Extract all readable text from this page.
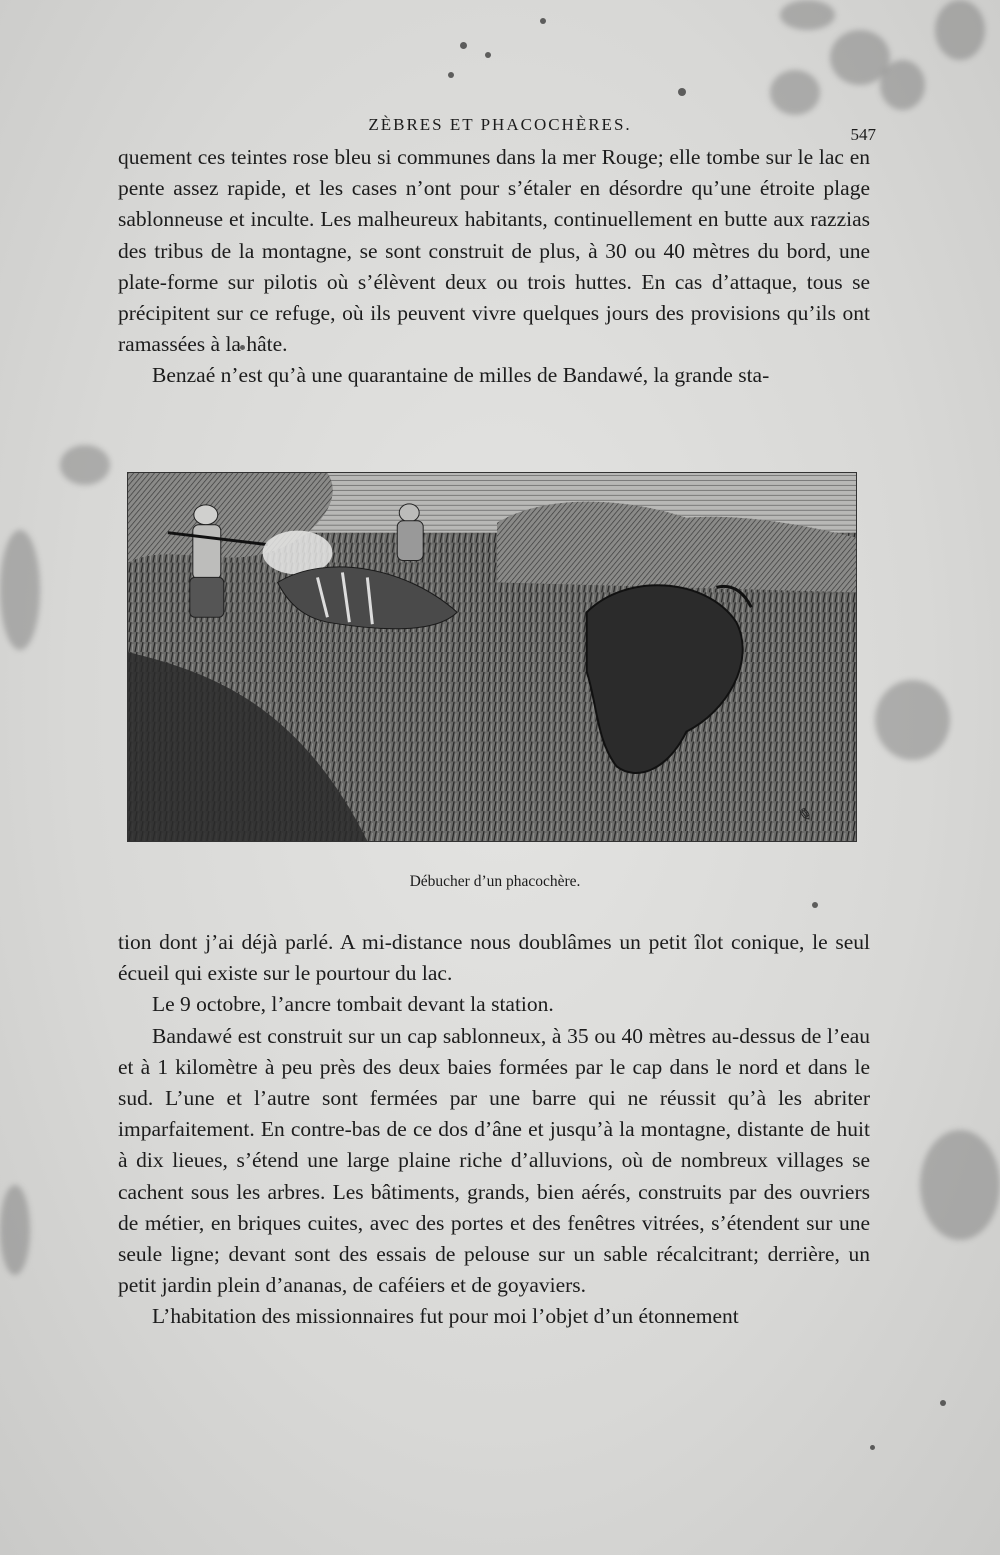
ZÈBRES ET PHACOCHÈRES.
547

quement ces teintes rose bleu si communes dans la mer Rouge; elle tombe sur le lac en pente assez rapide, et les cases n’ont pour s’étaler en désordre qu’une étroite plage sablonneuse et inculte. Les malheureux habitants, continuellement en butte aux razzias des tribus de la montagne, se sont construit de plus, à 30 ou 40 mètres du bord, une plate-forme sur pilotis où s’élèvent deux ou trois huttes. En cas d’attaque, tous se précipitent sur ce refuge, où ils peuvent vivre quelques jours des provisions qu’ils ont ramassées à la hâte.

Benzaé n’est qu’à une quarantaine de milles de Bandawé, la grande sta-

✎
Débucher d’un phacochère.

tion dont j’ai déjà parlé. A mi-distance nous doublâmes un petit îlot conique, le seul écueil qui existe sur le pourtour du lac.

Le 9 octobre, l’ancre tombait devant la station.

Bandawé est construit sur un cap sablonneux, à 35 ou 40 mètres au-dessus de l’eau et à 1 kilomètre à peu près des deux baies formées par le cap dans le nord et dans le sud. L’une et l’autre sont fermées par une barre qui ne réussit qu’à les abriter imparfaitement. En contre-bas de ce dos d’âne et jusqu’à la montagne, distante de huit à dix lieues, s’étend une large plaine riche d’alluvions, où de nombreux villages se cachent sous les arbres. Les bâtiments, grands, bien aérés, construits par des ouvriers de métier, en briques cuites, avec des portes et des fenêtres vitrées, s’étendent sur une seule ligne; devant sont des essais de pelouse sur un sable récalcitrant; derrière, un petit jardin plein d’ananas, de caféiers et de goyaviers.

L’habitation des missionnaires fut pour moi l’objet d’un étonnement
